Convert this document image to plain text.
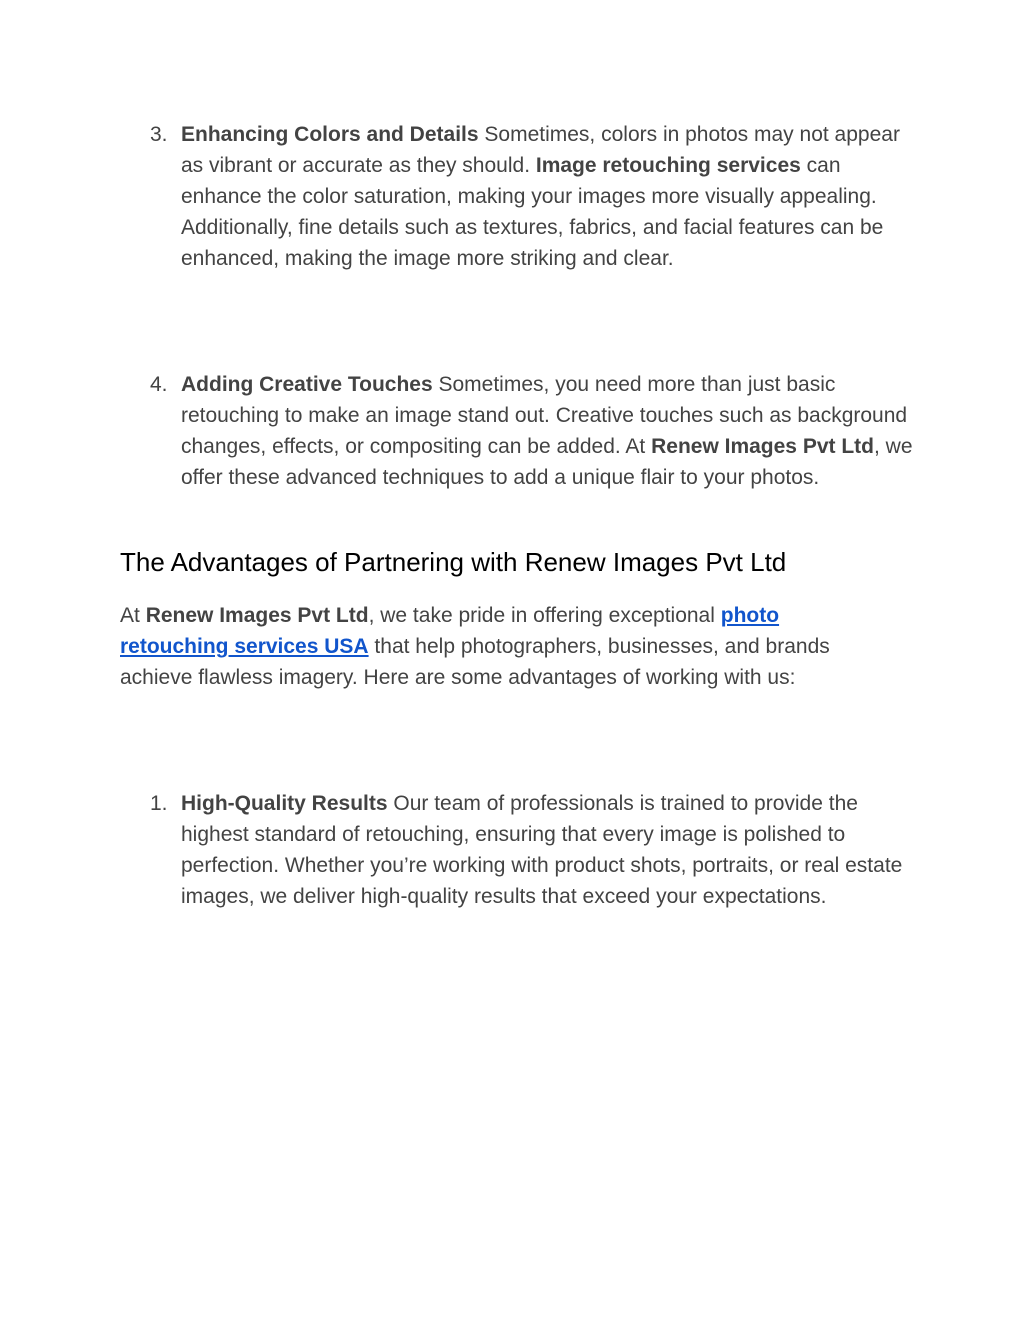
3. Enhancing Colors and Details Sometimes, colors in photos may not appear as vibrant or accurate as they should. Image retouching services can enhance the color saturation, making your images more visually appealing. Additionally, fine details such as textures, fabrics, and facial features can be enhanced, making the image more striking and clear.
4. Adding Creative Touches Sometimes, you need more than just basic retouching to make an image stand out. Creative touches such as background changes, effects, or compositing can be added. At Renew Images Pvt Ltd, we offer these advanced techniques to add a unique flair to your photos.
The Advantages of Partnering with Renew Images Pvt Ltd

At Renew Images Pvt Ltd, we take pride in offering exceptional photo retouching services USA that help photographers, businesses, and brands achieve flawless imagery. Here are some advantages of working with us:

1. High-Quality Results Our team of professionals is trained to provide the highest standard of retouching, ensuring that every image is polished to perfection. Whether you’re working with product shots, portraits, or real estate images, we deliver high-quality results that exceed your expectations.
